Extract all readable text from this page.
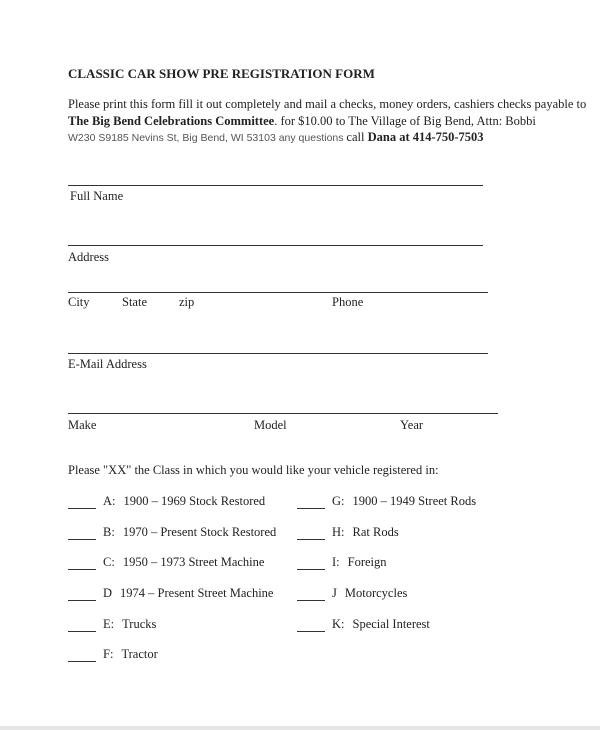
CLASSIC CAR SHOW PRE REGISTRATION FORM
Please print this form fill it out completely and mail a checks, money orders, cashiers checks payable to
The Big Bend Celebrations Committee. for $10.00 to The Village of Big Bend, Attn: Bobbi
W230 S9185 Nevins St, Big Bend, WI 53103 any questions call Dana at 414-750-7503
Full Name
Address
City	State	zip	Phone
E-Mail Address
Make	Model	Year
Please "XX" the Class in which you would like your vehicle registered in:
A: 1900 – 1969 Stock Restored
B: 1970 – Present Stock Restored
C: 1950 – 1973 Street Machine
D 1974 – Present Street Machine
E: Trucks
F: Tractor
G: 1900 – 1949 Street Rods
H: Rat Rods
I: Foreign
J Motorcycles
K: Special Interest
